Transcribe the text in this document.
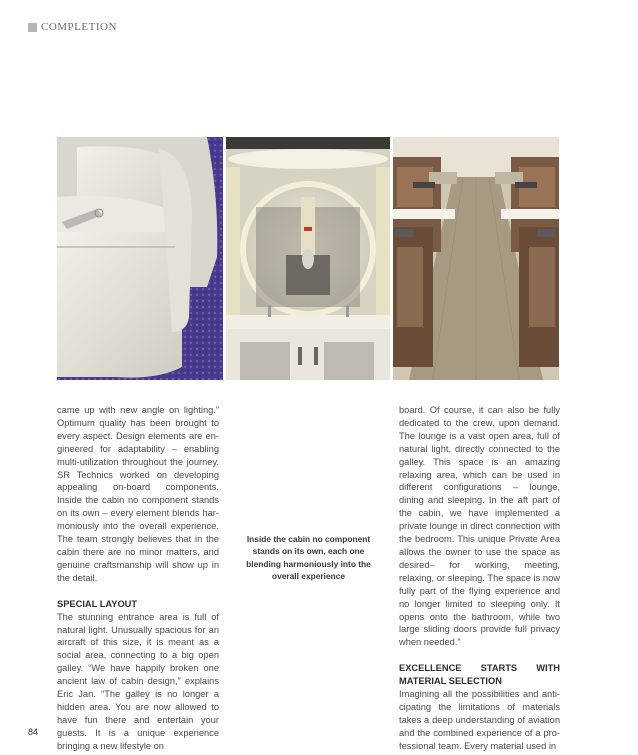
COMPLETION

came up with new angle on lighting.” Optimum quality has been brought to every aspect. Design elements are engineered for adaptability – enabling multi-utilization throughout the journey. SR Technics worked on developing appealing on-board components. Inside the cabin no component stands on its own – every element blends harmoniously into the overall experience. The team strongly believes that in the cabin there are no minor matters, and genuine craftsmanship will show up in the detail.

SPECIAL LAYOUT

The stunning entrance area is full of natural light. Unusually spacious for an aircraft of this size, it is meant as a social area, connecting to a big open galley. “We have happily broken one ancient law of cabin design,” explains Eric Jan. “The galley is no longer a hidden area. You are now allowed to have fun there and entertain your guests. It is a unique experience bringing a new lifestyle on

Inside the cabin no component stands on its own, each one blending harmoniously into the overall experience

board. Of course, it can also be fully dedicated to the crew, upon demand. The lounge is a vast open area, full of natural light, directly connected to the galley. This space is an amazing relaxing area, which can be used in different configurations – lounge, dining and sleeping. In the aft part of the cabin, we have implemented a private lounge in direct connection with the bedroom. This unique Private Area allows the owner to use the space as desired– for working, meeting, relaxing, or sleeping. The space is now fully part of the flying experience and no longer limited to sleeping only. It opens onto the bathroom, while two large sliding doors provide full privacy when needed.”

EXCELLENCE STARTS WITH MATERIAL SELECTION

Imagining all the possibilities and anticipating the limitations of materials takes a deep understanding of aviation and the combined experience of a professional team. Every material used in

84
